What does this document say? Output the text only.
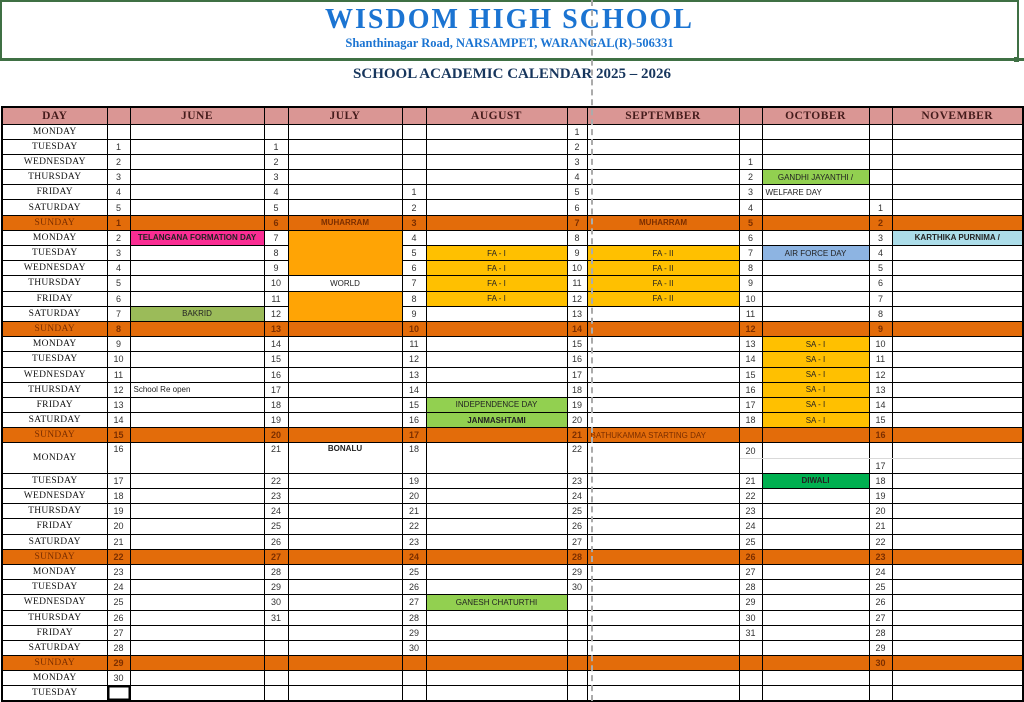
WISDOM HIGH SCHOOL
Shanthinagar Road, NARSAMPET, WARANGAL(R)-506331
SCHOOL ACADEMIC CALENDAR 2025 – 2026
DAY		JUNE		JULY		AUGUST		SEPTEMBER		OCTOBER		NOVEMBER
MONDAY							1					
TUESDAY	1		1				2					
WEDNESDAY	2		2				3		1			
THURSDAY	3		3				4		2	GANDHI JAYANTHI /		
FRIDAY	4		4		1		5		3	WELFARE DAY		
SATURDAY	5		5		2		6		4		1	
SUNDAY	1		6	MUHARRAM	3		7	MUHARRAM	5		2	
MONDAY	2	TELANGANA FORMATION DAY	7		4		8		6		3	KARTHIKA PURNIMA /
TUESDAY	3		8		5	FA - I	9	FA - II	7	AIR FORCE DAY	4	
WEDNESDAY	4		9		6	FA - I	10	FA - II	8		5	
THURSDAY	5		10	WORLD	7	FA - I	11	FA - II	9		6	
FRIDAY	6		11		8	FA - I	12	FA - II	10		7	
SATURDAY	7	BAKRID	12		9		13		11		8	
SUNDAY	8		13		10		14		12		9	
MONDAY	9		14		11		15		13	SA - I	10	
TUESDAY	10		15		12		16		14	SA - I	11	
WEDNESDAY	11		16		13		17		15	SA - I	12	
THURSDAY	12	School Re open	17		14		18		16	SA - I	13	
FRIDAY	13		18		15	INDEPENDENCE DAY	19		17	SA - I	14	
SATURDAY	14		19		16	JANMASHTAMI	20		18	SA - I	15	
SUNDAY	15		20		17		21	BATHUKAMMA STARTING DAY			16	
MONDAY	16		21	BONALU	18		22		20			
											17	
TUESDAY	17		22		19		23		21	DIWALI	18	
WEDNESDAY	18		23		20		24		22		19	
THURSDAY	19		24		21		25		23		20	
FRIDAY	20		25		22		26		24		21	
SATURDAY	21		26		23		27		25		22	
SUNDAY	22		27		24		28		26		23	
MONDAY	23		28		25		29		27		24	
TUESDAY	24		29		26		30		28		25	
WEDNESDAY	25		30		27	GANESH CHATURTHI			29		26	
THURSDAY	26		31		28				30		27	
FRIDAY	27				29				31		28	
SATURDAY	28				30						29	
SUNDAY	29										30	
MONDAY	30											
TUESDAY												
